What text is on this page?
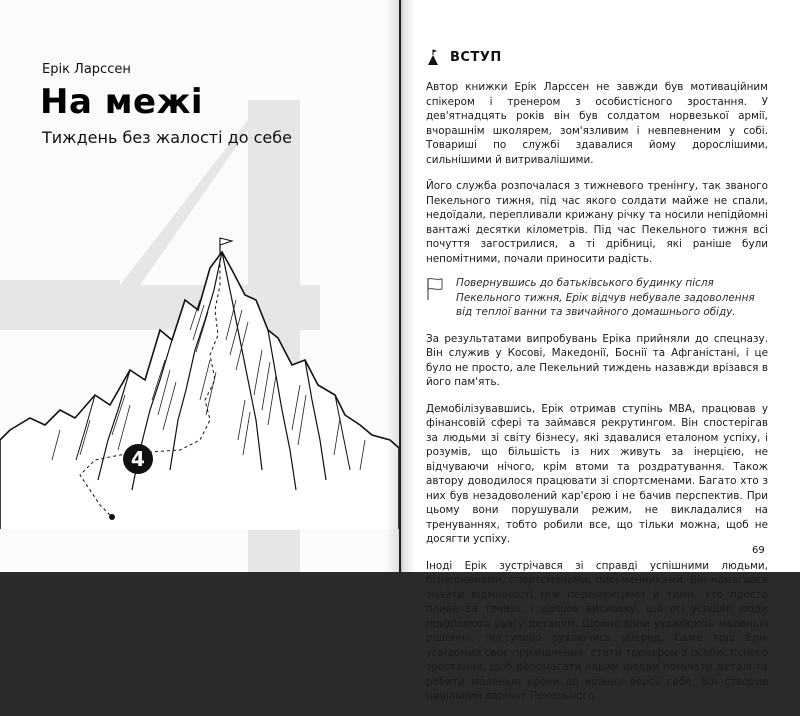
Ерік Ларссен
На межі
Тиждень без жалості до себе
4
ВСТУП

Автор книжки Ерік Ларссен не завжди був мотиваційним спікером і тренером з особистісного зростання. У дев'ятнадцять років він був солдатом норвезької армії, вчорашнім школярем, зом'язливим і невпевненим у собі. Товариші по службі здавалися йому дорослішими, сильнішими й витривалішими.

Його служба розпочалася з тижневого тренінгу, так званого Пекельного тижня, під час якого солдати майже не спали, недоїдали, перепливали крижану річку та носили непідйомні вантажі десятки кілометрів. Під час Пекельного тижня всі почуття загострилися, а ті дрібниці, які раніше були непомітними, почали приносити радість.

Повернувшись до батьківського будинку після Пекельного тижня, Ерік відчув небувале задоволення від теплої ванни та звичайного домашнього обіду.

За результатами випробувань Еріка прийняли до спецназу. Він служив у Косові, Македонії, Боснії та Афганістані, і це було не просто, але Пекельний тиждень назавжди врізався в його пам'ять.

Демобілізувавшись, Ерік отримав ступінь MBA, працював у фінансовій сфері та займався рекрутингом. Він спостерігав за людьми зі світу бізнесу, які здавалися еталоном успіху, і розумів, що більшість із них живуть за інерцією, не відчуваючи нічого, крім втоми та роздратування. Також автору доводилося працювати зі спортсменами. Багато хто з них був незадоволений кар'єрою і не бачив перспектив. При цьому вони порушували режим, не викладалися на тренуваннях, тобто робили все, що тільки можна, щоб не досягти успіху.

Іноді Ерік зустрічався зі справді успішними людьми, бізнесменами, спортсменами, письменниками. Він намагався знайти відмінності між переможцями й тими, хто просто пливе за течією, і дійшов висновку, що всі успішні люди приділяють увагу деталям. Щойно вони ухвалюють маленькі рішення, поступово рухаючись уперед. Саме тоді Ерік усвідомив своє призначення: стати тренером з особистісного зростання, щоб допомагати іншим людям помічати деталі та робити маленькі кроки до кращої версії себе. Він створив цивільний варіант Пекельного

69
